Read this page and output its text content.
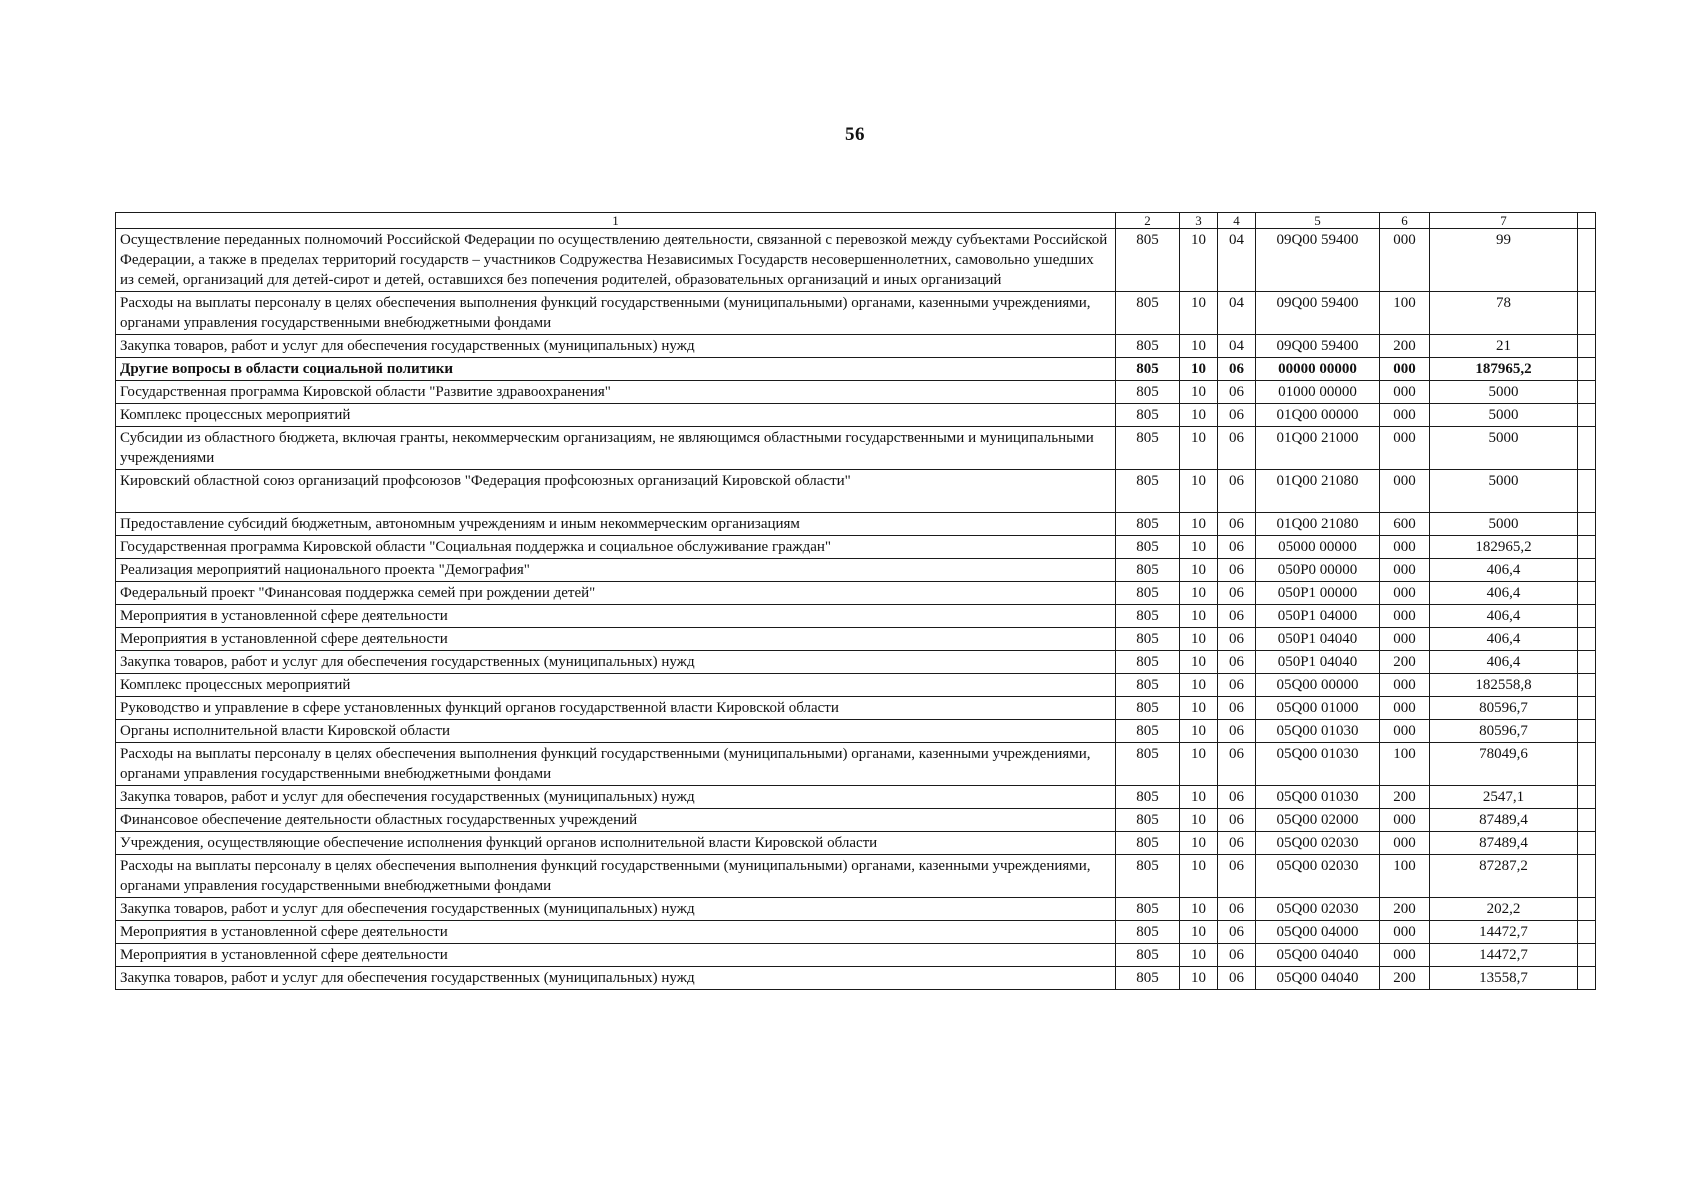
56
1	2	3	4	5	6	7	
Осуществление переданных полномочий Российской Федерации по осуществлению деятельности, связанной с перевозкой между субъектами Российской Федерации, а также в пределах территорий государств – участников Содружества Независимых Государств несовершеннолетних, самовольно ушедших из семей, организаций для детей-сирот и детей, оставшихся без попечения родителей, образовательных организаций и иных организаций	805	10	04	09Q00 59400	000	99	
Расходы на выплаты персоналу в целях обеспечения выполнения функций государственными (муниципальными) органами, казенными учреждениями, органами управления государственными внебюджетными фондами	805	10	04	09Q00 59400	100	78	
Закупка товаров, работ и услуг для обеспечения государственных (муниципальных) нужд	805	10	04	09Q00 59400	200	21	
Другие вопросы в области социальной политики	805	10	06	00000 00000	000	187965,2	
Государственная программа Кировской области "Развитие здравоохранения"	805	10	06	01000 00000	000	5000	
Комплекс процессных мероприятий	805	10	06	01Q00 00000	000	5000	
Субсидии из областного бюджета, включая гранты, некоммерческим организациям, не являющимся областными государственными и муниципальными учреждениями	805	10	06	01Q00 21000	000	5000	
Кировский областной союз организаций профсоюзов "Федерация профсоюзных организаций Кировской области"	805	10	06	01Q00 21080	000	5000	
Предоставление субсидий бюджетным, автономным учреждениям и иным некоммерческим организациям	805	10	06	01Q00 21080	600	5000	
Государственная программа Кировской области "Социальная поддержка и социальное обслуживание граждан"	805	10	06	05000 00000	000	182965,2	
Реализация мероприятий национального проекта "Демография"	805	10	06	050P0 00000	000	406,4	
Федеральный проект "Финансовая поддержка семей при рождении детей"	805	10	06	050P1 00000	000	406,4	
Мероприятия в установленной сфере деятельности	805	10	06	050P1 04000	000	406,4	
Мероприятия в установленной сфере деятельности	805	10	06	050P1 04040	000	406,4	
Закупка товаров, работ и услуг для обеспечения государственных (муниципальных) нужд	805	10	06	050P1 04040	200	406,4	
Комплекс процессных мероприятий	805	10	06	05Q00 00000	000	182558,8	
Руководство и управление в сфере установленных функций органов государственной власти Кировской области	805	10	06	05Q00 01000	000	80596,7	
Органы исполнительной власти Кировской области	805	10	06	05Q00 01030	000	80596,7	
Расходы на выплаты персоналу в целях обеспечения выполнения функций государственными (муниципальными) органами, казенными учреждениями, органами управления государственными внебюджетными фондами	805	10	06	05Q00 01030	100	78049,6	
Закупка товаров, работ и услуг для обеспечения государственных (муниципальных) нужд	805	10	06	05Q00 01030	200	2547,1	
Финансовое обеспечение деятельности областных государственных учреждений	805	10	06	05Q00 02000	000	87489,4	
Учреждения, осуществляющие обеспечение исполнения функций органов исполнительной власти Кировской области	805	10	06	05Q00 02030	000	87489,4	
Расходы на выплаты персоналу в целях обеспечения выполнения функций государственными (муниципальными) органами, казенными учреждениями, органами управления государственными внебюджетными фондами	805	10	06	05Q00 02030	100	87287,2	
Закупка товаров, работ и услуг для обеспечения государственных (муниципальных) нужд	805	10	06	05Q00 02030	200	202,2	
Мероприятия в установленной сфере деятельности	805	10	06	05Q00 04000	000	14472,7	
Мероприятия в установленной сфере деятельности	805	10	06	05Q00 04040	000	14472,7	
Закупка товаров, работ и услуг для обеспечения государственных (муниципальных) нужд	805	10	06	05Q00 04040	200	13558,7	
